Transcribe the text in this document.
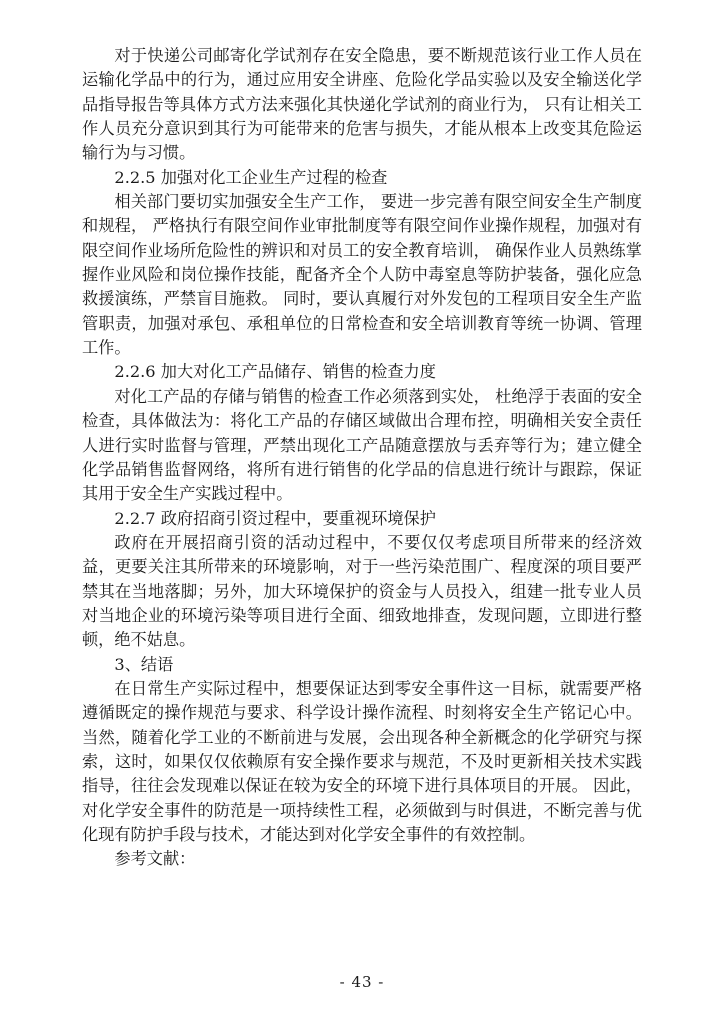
对于快递公司邮寄化学试剂存在安全隐患，要不断规范该行业工作人员在运输化学品中的行为，通过应用安全讲座、危险化学品实验以及安全输送化学品指导报告等具体方式方法来强化其快递化学试剂的商业行为， 只有让相关工作人员充分意识到其行为可能带来的危害与损失，才能从根本上改变其危险运输行为与习惯。

2.2.5 加强对化工企业生产过程的检查

相关部门要切实加强安全生产工作， 要进一步完善有限空间安全生产制度和规程， 严格执行有限空间作业审批制度等有限空间作业操作规程，加强对有限空间作业场所危险性的辨识和对员工的安全教育培训， 确保作业人员熟练掌握作业风险和岗位操作技能，配备齐全个人防中毒窒息等防护装备，强化应急救援演练，严禁盲目施救。 同时，要认真履行对外发包的工程项目安全生产监管职责，加强对承包、承租单位的日常检查和安全培训教育等统一协调、管理工作。

2.2.6 加大对化工产品储存、销售的检查力度

对化工产品的存储与销售的检查工作必须落到实处， 杜绝浮于表面的安全检查，具体做法为：将化工产品的存储区域做出合理布控，明确相关安全责任人进行实时监督与管理，严禁出现化工产品随意摆放与丢弃等行为；建立健全化学品销售监督网络，将所有进行销售的化学品的信息进行统计与跟踪，保证其用于安全生产实践过程中。

2.2.7 政府招商引资过程中，要重视环境保护

政府在开展招商引资的活动过程中，不要仅仅考虑项目所带来的经济效益，更要关注其所带来的环境影响，对于一些污染范围广、程度深的项目要严禁其在当地落脚；另外，加大环境保护的资金与人员投入，组建一批专业人员对当地企业的环境污染等项目进行全面、细致地排查，发现问题，立即进行整顿，绝不姑息。

3、结语

在日常生产实际过程中，想要保证达到零安全事件这一目标，就需要严格遵循既定的操作规范与要求、科学设计操作流程、时刻将安全生产铭记心中。 当然，随着化学工业的不断前进与发展，会出现各种全新概念的化学研究与探索，这时，如果仅仅依赖原有安全操作要求与规范，不及时更新相关技术实践指导，往往会发现难以保证在较为安全的环境下进行具体项目的开展。 因此，对化学安全事件的防范是一项持续性工程，必须做到与时俱进，不断完善与优化现有防护手段与技术，才能达到对化学安全事件的有效控制。

参考文献：

- 43 -
